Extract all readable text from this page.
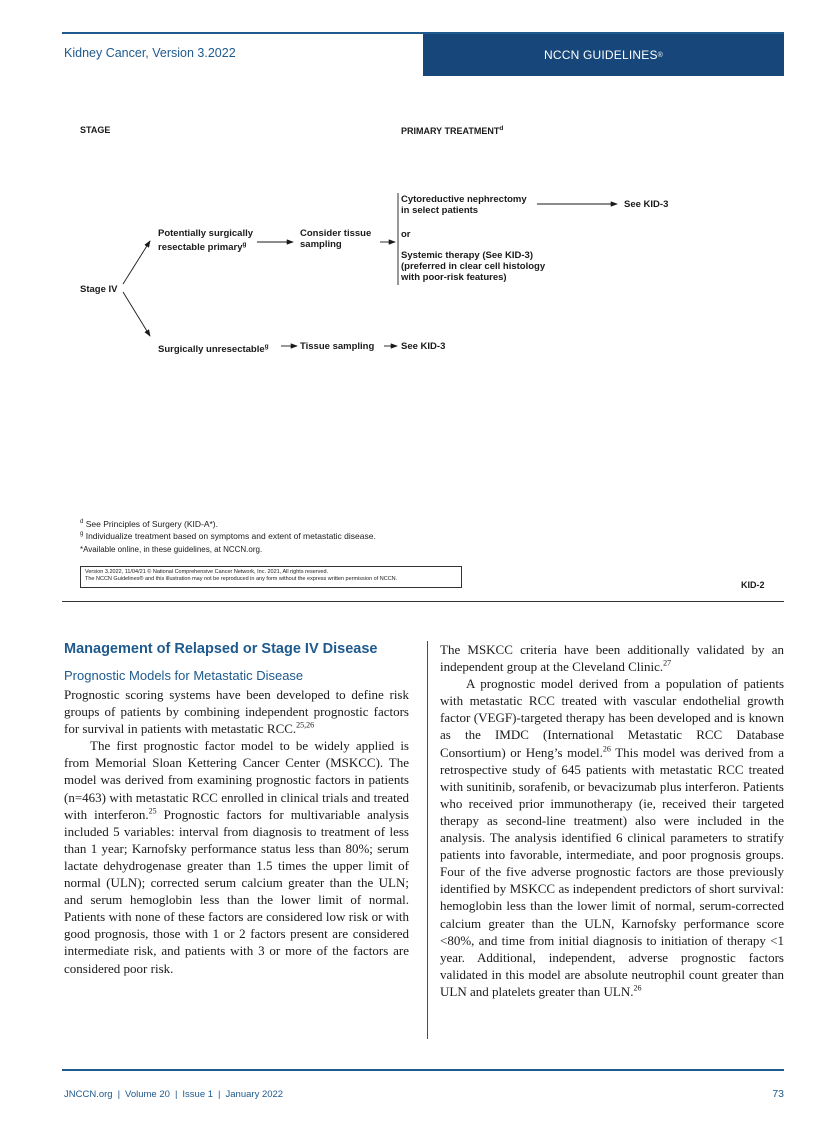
Kidney Cancer, Version 3.2022	NCCN GUIDELINES ®
STAGE	PRIMARY TREATMENT$^d$
Stage IV
Potentially surgically
resectable primary$^g$
Consider tissue
sampling
Cytoreductive nephrectomy
in select patients
or
Systemic therapy (See KID-3)
(preferred in clear cell histology
with poor-risk features)
See KID-3
Surgically unresectable$^g$	Tissue sampling	See KID-3
$^d$ See Principles of Surgery (KID-A*).
$^g$ Individualize treatment based on symptoms and extent of metastatic disease.
*Available online, in these guidelines, at NCCN.org.
Version 3.2022, 11/04/21 © National Comprehensive Cancer Network, Inc. 2021, All rights reserved.
The NCCN Guidelines® and this illustration may not be reproduced in any form without the express written permission of NCCN.
KID-2
Management of Relapsed or Stage IV Disease
Prognostic Models for Metastatic Disease

Prognostic scoring systems have been developed to define risk groups of patients by combining independent prognostic factors for survival in patients with metastatic RCC.$^{25,26}$

The first prognostic factor model to be widely applied is from Memorial Sloan Kettering Cancer Center (MSKCC). The model was derived from examining prognostic factors in patients (n=463) with metastatic RCC enrolled in clinical trials and treated with interferon.$^{25}$ Prognostic factors for multivariable analysis included 5 variables: interval from diagnosis to treatment of less than 1 year; Karnofsky performance status less than 80%; serum lactate dehydrogenase greater than 1.5 times the upper limit of normal (ULN); corrected serum calcium greater than the ULN; and serum hemoglobin less than the lower limit of normal. Patients with none of these factors are considered low risk or with good prognosis, those with 1 or 2 factors present are considered intermediate risk, and patients with 3 or more of the factors are considered poor risk.

The MSKCC criteria have been additionally validated by an independent group at the Cleveland Clinic.$^{27}$

A prognostic model derived from a population of patients with metastatic RCC treated with vascular endothelial growth factor (VEGF)-targeted therapy has been developed and is known as the IMDC (International Metastatic RCC Database Consortium) or Heng’s model.$^{26}$ This model was derived from a retrospective study of 645 patients with metastatic RCC treated with sunitinib, sorafenib, or bevacizumab plus interferon. Patients who received prior immunotherapy (ie, received their targeted therapy as second-line treatment) also were included in the analysis. The analysis identified 6 clinical parameters to stratify patients into favorable, intermediate, and poor prognosis groups. Four of the five adverse prognostic factors are those previously identified by MSKCC as independent predictors of short survival: hemoglobin less than the lower limit of normal, serum-corrected calcium greater than the ULN, Karnofsky performance score <80%, and time from initial diagnosis to initiation of therapy <1 year. Additional, independent, adverse prognostic factors validated in this model are absolute neutrophil count greater than ULN and platelets greater than ULN.$^{26}$

JNCCN.org | Volume 20 | Issue 1 | January 2022	73
